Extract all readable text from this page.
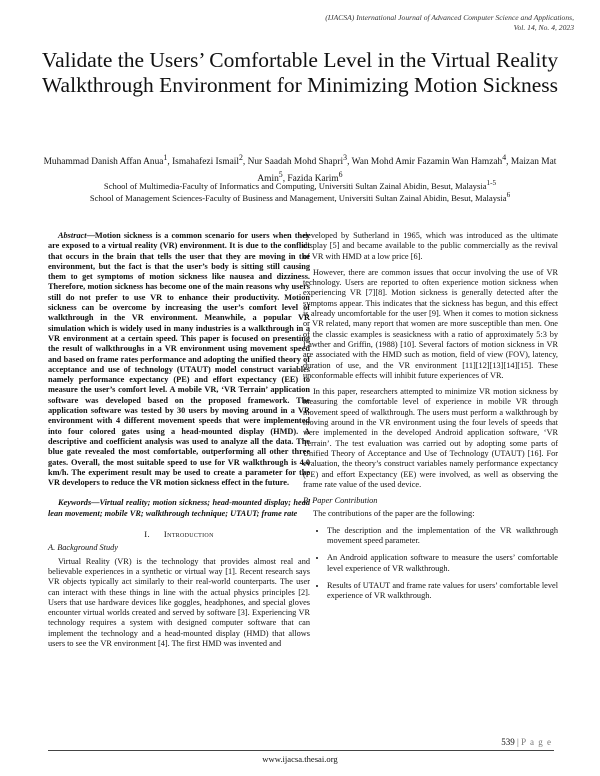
(IJACSA) International Journal of Advanced Computer Science and Applications,
Vol. 14, No. 4, 2023
Validate the Users’ Comfortable Level in the Virtual Reality Walkthrough Environment for Minimizing Motion Sickness
Muhammad Danish Affan Anua$^1$, Ismahafezi Ismail$^2$, Nur Saadah Mohd Shapri$^3$, Wan Mohd Amir Fazamin Wan Hamzah$^4$, Maizan Mat Amin$^5$, Fazida Karim$^6$
School of Multimedia-Faculty of Informatics and Computing, Universiti Sultan Zainal Abidin, Besut, Malaysia$^{1-5}$
School of Management Sciences-Faculty of Business and Management, Universiti Sultan Zainal Abidin, Besut, Malaysia$^6$

Abstract—Motion sickness is a common scenario for users when they are exposed to a virtual reality (VR) environment. It is due to the conflict that occurs in the brain that tells the user that they are moving in the environment, but the fact is that the user’s body is sitting still causing them to get symptoms of motion sickness like nausea and dizziness. Therefore, motion sickness has become one of the main reasons why users still do not prefer to use VR to enhance their productivity. Motion sickness can be overcome by increasing the user’s comfort level of walkthrough in the VR environment. Meanwhile, a popular VR simulation which is widely used in many industries is a walkthrough in a VR environment at a certain speed. This paper is focused on presenting the result of walkthroughs in a VR environment using movement speed and based on frame rates performance and adopting the unified theory of acceptance and use of technology (UTAUT) model construct variables namely performance expectancy (PE) and effort expectancy (EE) to measure the user’s comfort level. A mobile VR, ‘VR Terrain’ application software was developed based on the proposed framework. The application software was tested by 30 users by moving around in a VR environment with 4 different movement speeds that were implemented into four colored gates using a head-mounted display (HMD). A descriptive and coefficient analysis was used to analyze all the data. The blue gate revealed the most comfortable, outperforming all other three gates. Overall, the most suitable speed to use for VR walkthrough is 4.0 km/h. The experiment result may be used to create a parameter for the VR developers to reduce the VR motion sickness effect in the future.

Keywords—Virtual reality; motion sickness; head-mounted display; head lean movement; mobile VR; walkthrough technique; UTAUT; frame rate

I. Introduction
A. Background Study

Virtual Reality (VR) is the technology that provides almost real and believable experiences in a synthetic or virtual way [1]. Recent research says VR objects typically act similarly to their real-world counterparts. The user can interact with these things in line with the actual physics principles [2]. Users that use hardware devices like goggles, headphones, and special gloves encounter virtual worlds created and served by software [3]. Experiencing VR technology requires a system with designed computer software that can implement the technology and a head-mounted display (HMD) that allows users to see the VR environment [4]. The first HMD was invented and

developed by Sutherland in 1965, which was introduced as the ultimate display [5] and became available to the public commercially as the revival of VR with HMD at a low price [6].

However, there are common issues that occur involving the use of VR technology. Users are reported to often experience motion sickness when experiencing VR [7][8]. Motion sickness is generally detected after the symptoms appear. This indicates that the sickness has begun, and this effect is already uncomfortable for the user [9]. When it comes to motion sickness or VR related, many report that women are more susceptible than men. One of the classic examples is seasickness with a ratio of approximately 5:3 by Lawther and Griffin, (1988) [10]. Several factors of motion sickness in VR are associated with the HMD such as motion, field of view (FOV), latency, duration of use, and the VR environment [11][12][13][14][15]. These unconformable effects will inhibit future experiences of VR.

In this paper, researchers attempted to minimize VR motion sickness by measuring the comfortable level of experience in mobile VR through movement speed of walkthrough. The users must perform a walkthrough by moving around in the VR environment using the four levels of speeds that were implemented in the developed Android application software, ‘VR Terrain’. The test evaluation was carried out by adopting some parts of Unified Theory of Acceptance and Use of Technology (UTAUT) [16]. For evaluation, the theory’s construct variables namely performance expectancy (PE) and effort Expectancy (EE) were involved, as well as observing the frame rate value of the used device.

B. Paper Contribution

The contributions of the paper are the following:

• The description and the implementation of the VR walkthrough movement speed parameter.
• An Android application software to measure the users’ comfortable level experience of VR walkthrough.
• Results of UTAUT and frame rate values for users’ comfortable level experience of VR walkthrough.
539 | P a g e
www.ijacsa.thesai.org
